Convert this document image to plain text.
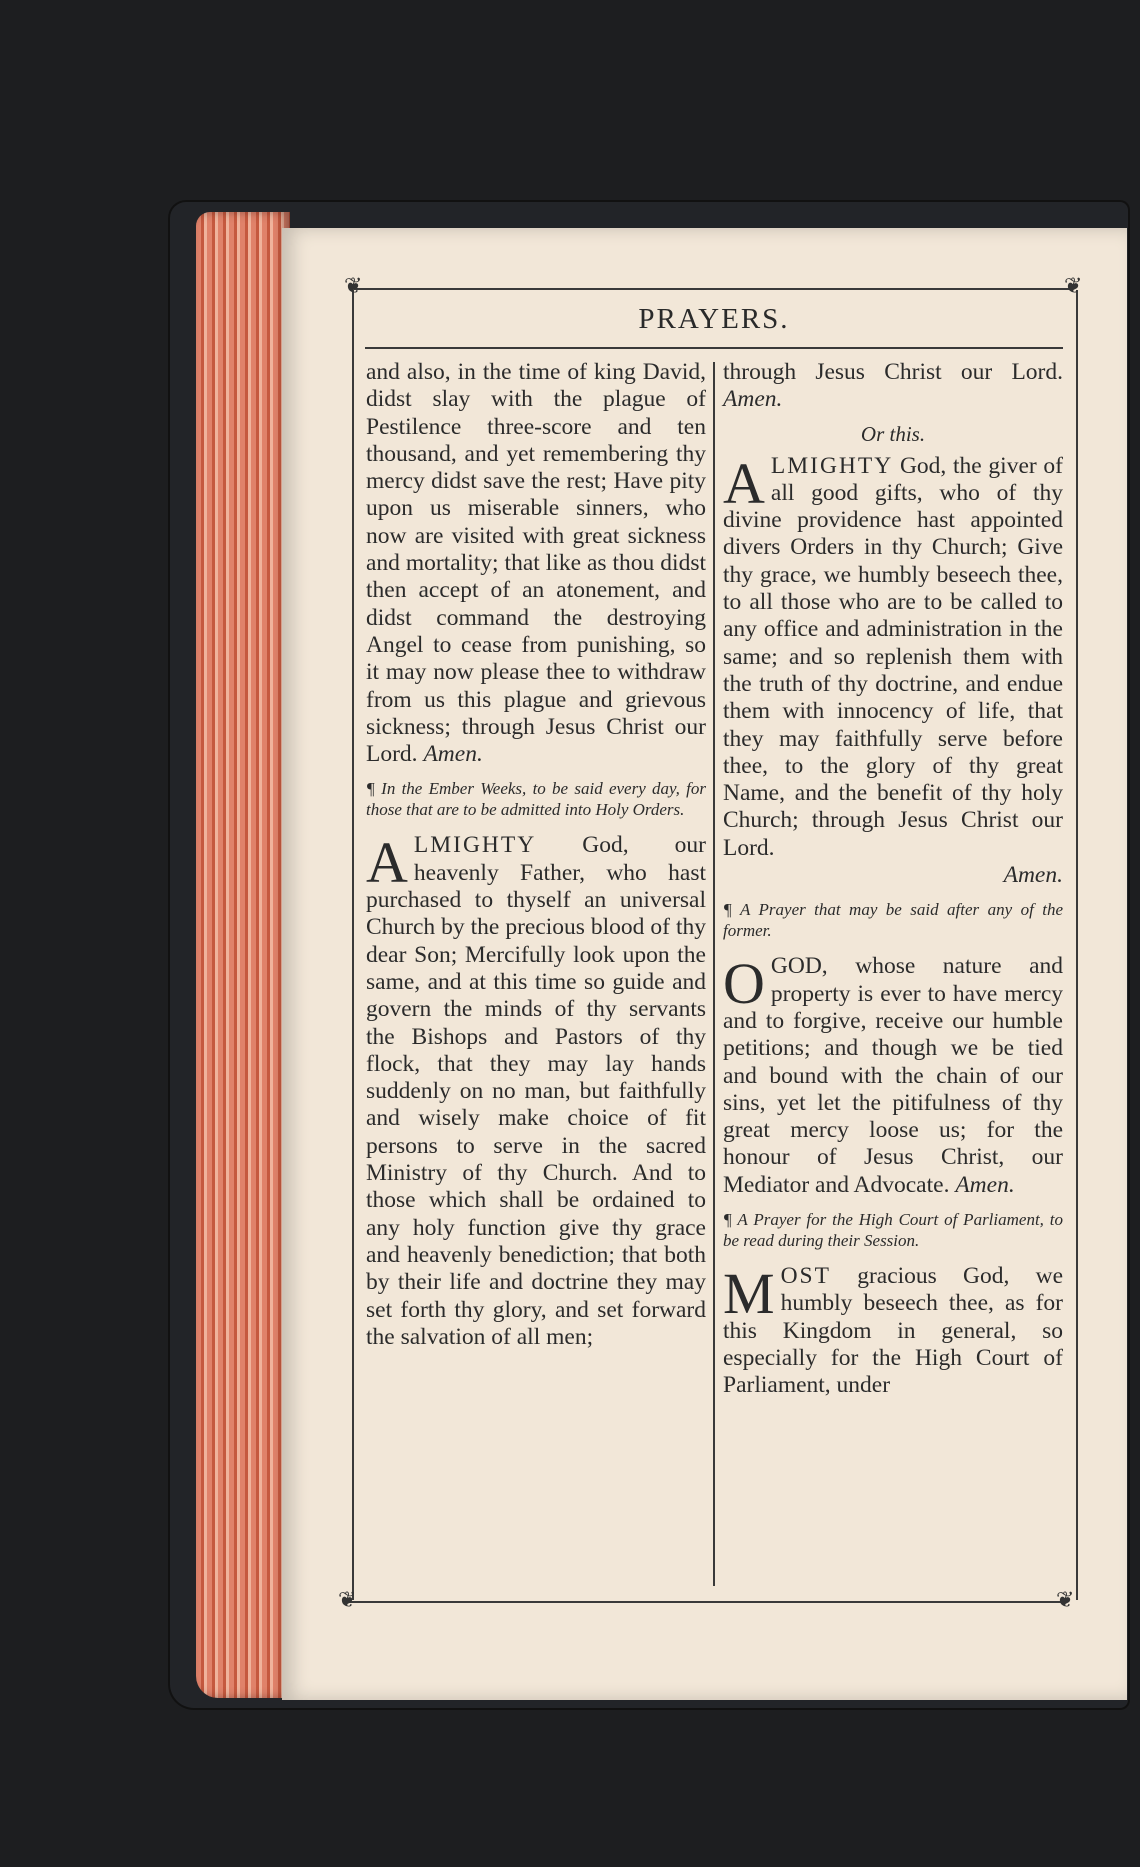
❦	❦
❦	❦
PRAYERS.

and also, in the time of king David, didst slay with the plague of Pestilence three-score and ten thousand, and yet remembering thy mercy didst save the rest; Have pity upon us miserable sinners, who now are visited with great sickness and mortality; that like as thou didst then accept of an atonement, and didst command the destroying Angel to cease from punishing, so it may now please thee to withdraw from us this plague and grievous sickness; through Jesus Christ our Lord. Amen.

¶ In the Ember Weeks, to be said every day, for those that are to be admitted into Holy Orders.

ALMIGHTY God, our heavenly Father, who hast purchased to thyself an universal Church by the precious blood of thy dear Son; Mercifully look upon the same, and at this time so guide and govern the minds of thy servants the Bishops and Pastors of thy flock, that they may lay hands suddenly on no man, but faithfully and wisely make choice of fit persons to serve in the sacred Ministry of thy Church. And to those which shall be ordained to any holy function give thy grace and heavenly benediction; that both by their life and doctrine they may set forth thy glory, and set forward the salvation of all men;

through Jesus Christ our Lord. Amen.

Or this.

ALMIGHTY God, the giver of all good gifts, who of thy divine providence hast appointed divers Orders in thy Church; Give thy grace, we humbly beseech thee, to all those who are to be called to any office and administration in the same; and so replenish them with the truth of thy doctrine, and endue them with innocency of life, that they may faithfully serve before thee, to the glory of thy great Name, and the benefit of thy holy Church; through Jesus Christ our Lord.

Amen.

¶ A Prayer that may be said after any of the former.

O GOD, whose nature and property is ever to have mercy and to forgive, receive our humble petitions; and though we be tied and bound with the chain of our sins, yet let the pitifulness of thy great mercy loose us; for the honour of Jesus Christ, our Mediator and Advocate. Amen.

¶ A Prayer for the High Court of Parliament, to be read during their Session.

MOST gracious God, we humbly beseech thee, as for this Kingdom in general, so especially for the High Court of Parliament, under
